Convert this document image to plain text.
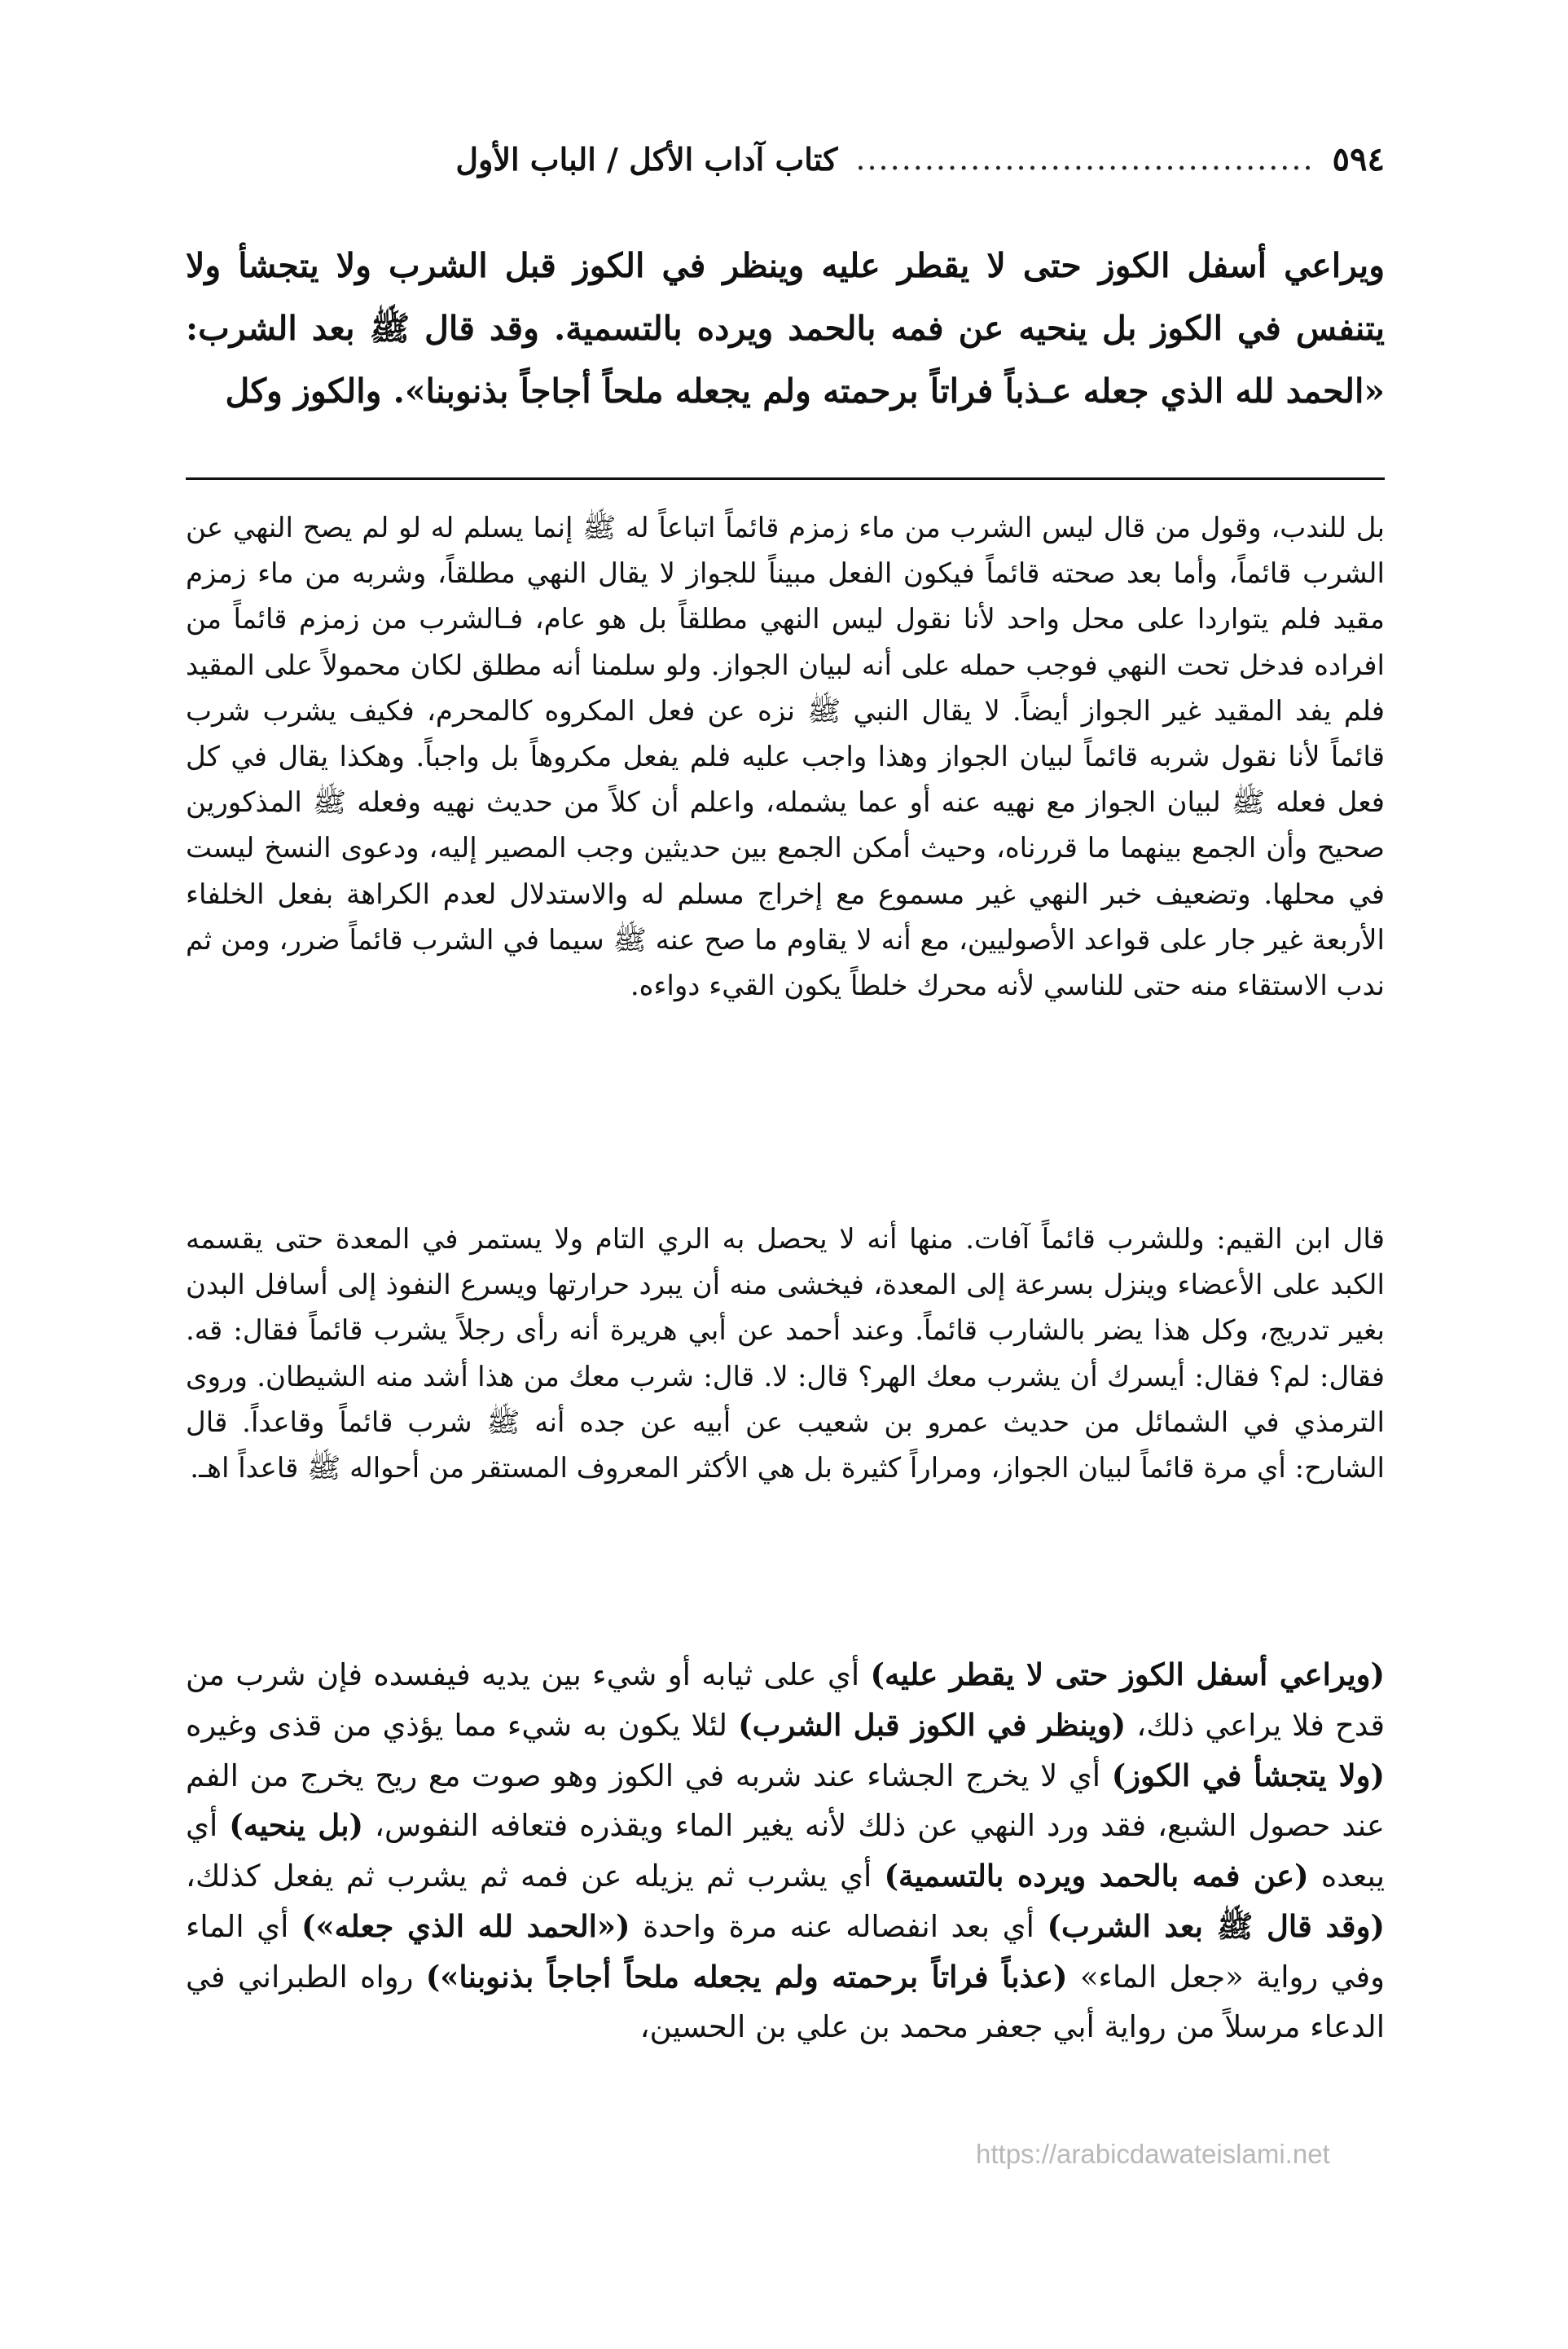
٥٩٤
........................................
كتاب آداب الأكل / الباب الأول

ويراعي أسفل الكوز حتى لا يقطر عليه وينظر في الكوز قبل الشرب ولا يتجشأ ولا يتنفس في الكوز بل ينحيه عن فمه بالحمد ويرده بالتسمية. وقد قال ﷺ بعد الشرب: «الحمد لله الذي جعله عـذباً فراتاً برحمته ولم يجعله ملحاً أجاجاً بذنوبنا». والكوز وكل

بل للندب، وقول من قال ليس الشرب من ماء زمزم قائماً اتباعاً له ﷺ إنما يسلم له لو لم يصح النهي عن الشرب قائماً، وأما بعد صحته قائماً فيكون الفعل مبيناً للجواز لا يقال النهي مطلقاً، وشربه من ماء زمزم مقيد فلم يتواردا على محل واحد لأنا نقول ليس النهي مطلقاً بل هو عام، فـالشرب من زمزم قائماً من افراده فدخل تحت النهي فوجب حمله على أنه لبيان الجواز. ولو سلمنا أنه مطلق لكان محمولاً على المقيد فلم يفد المقيد غير الجواز أيضاً. لا يقال النبي ﷺ نزه عن فعل المكروه كالمحرم، فكيف يشرب شرب قائماً لأنا نقول شربه قائماً لبيان الجواز وهذا واجب عليه فلم يفعل مكروهاً بل واجباً. وهكذا يقال في كل فعل فعله ﷺ لبيان الجواز مع نهيه عنه أو عما يشمله، واعلم أن كلاً من حديث نهيه وفعله ﷺ المذكورين صحيح وأن الجمع بينهما ما قررناه، وحيث أمكن الجمع بين حديثين وجب المصير إليه، ودعوى النسخ ليست في محلها. وتضعيف خبر النهي غير مسموع مع إخراج مسلم له والاستدلال لعدم الكراهة بفعل الخلفاء الأربعة غير جار على قواعد الأصوليين، مع أنه لا يقاوم ما صح عنه ﷺ سيما في الشرب قائماً ضرر، ومن ثم ندب الاستقاء منه حتى للناسي لأنه محرك خلطاً يكون القيء دواءه.

قال ابن القيم: وللشرب قائماً آفات. منها أنه لا يحصل به الري التام ولا يستمر في المعدة حتى يقسمه الكبد على الأعضاء وينزل بسرعة إلى المعدة، فيخشى منه أن يبرد حرارتها ويسرع النفوذ إلى أسافل البدن بغير تدريج، وكل هذا يضر بالشارب قائماً. وعند أحمد عن أبي هريرة أنه رأى رجلاً يشرب قائماً فقال: قه. فقال: لم؟ فقال: أيسرك أن يشرب معك الهر؟ قال: لا. قال: شرب معك من هذا أشد منه الشيطان. وروى الترمذي في الشمائل من حديث عمرو بن شعيب عن أبيه عن جده أنه ﷺ شرب قائماً وقاعداً. قال الشارح: أي مرة قائماً لبيان الجواز، ومراراً كثيرة بل هي الأكثر المعروف المستقر من أحواله ﷺ قاعداً اهـ.

(ويراعي أسفل الكوز حتى لا يقطر عليه) أي على ثيابه أو شيء بين يديه فيفسده فإن شرب من قدح فلا يراعي ذلك، (وينظر في الكوز قبل الشرب) لئلا يكون به شيء مما يؤذي من قذى وغيره (ولا يتجشأ في الكوز) أي لا يخرج الجشاء عند شربه في الكوز وهو صوت مع ريح يخرج من الفم عند حصول الشبع، فقد ورد النهي عن ذلك لأنه يغير الماء ويقذره فتعافه النفوس، (بل ينحيه) أي يبعده (عن فمه بالحمد ويرده بالتسمية) أي يشرب ثم يزيله عن فمه ثم يشرب ثم يفعل كذلك، (وقد قال ﷺ بعد الشرب) أي بعد انفصاله عنه مرة واحدة («الحمد لله الذي جعله») أي الماء وفي رواية «جعل الماء» (عذباً فراتاً برحمته ولم يجعله ملحاً أجاجاً بذنوبنا») رواه الطبراني في الدعاء مرسلاً من رواية أبي جعفر محمد بن علي بن الحسين،

https://arabicdawateislami.net
